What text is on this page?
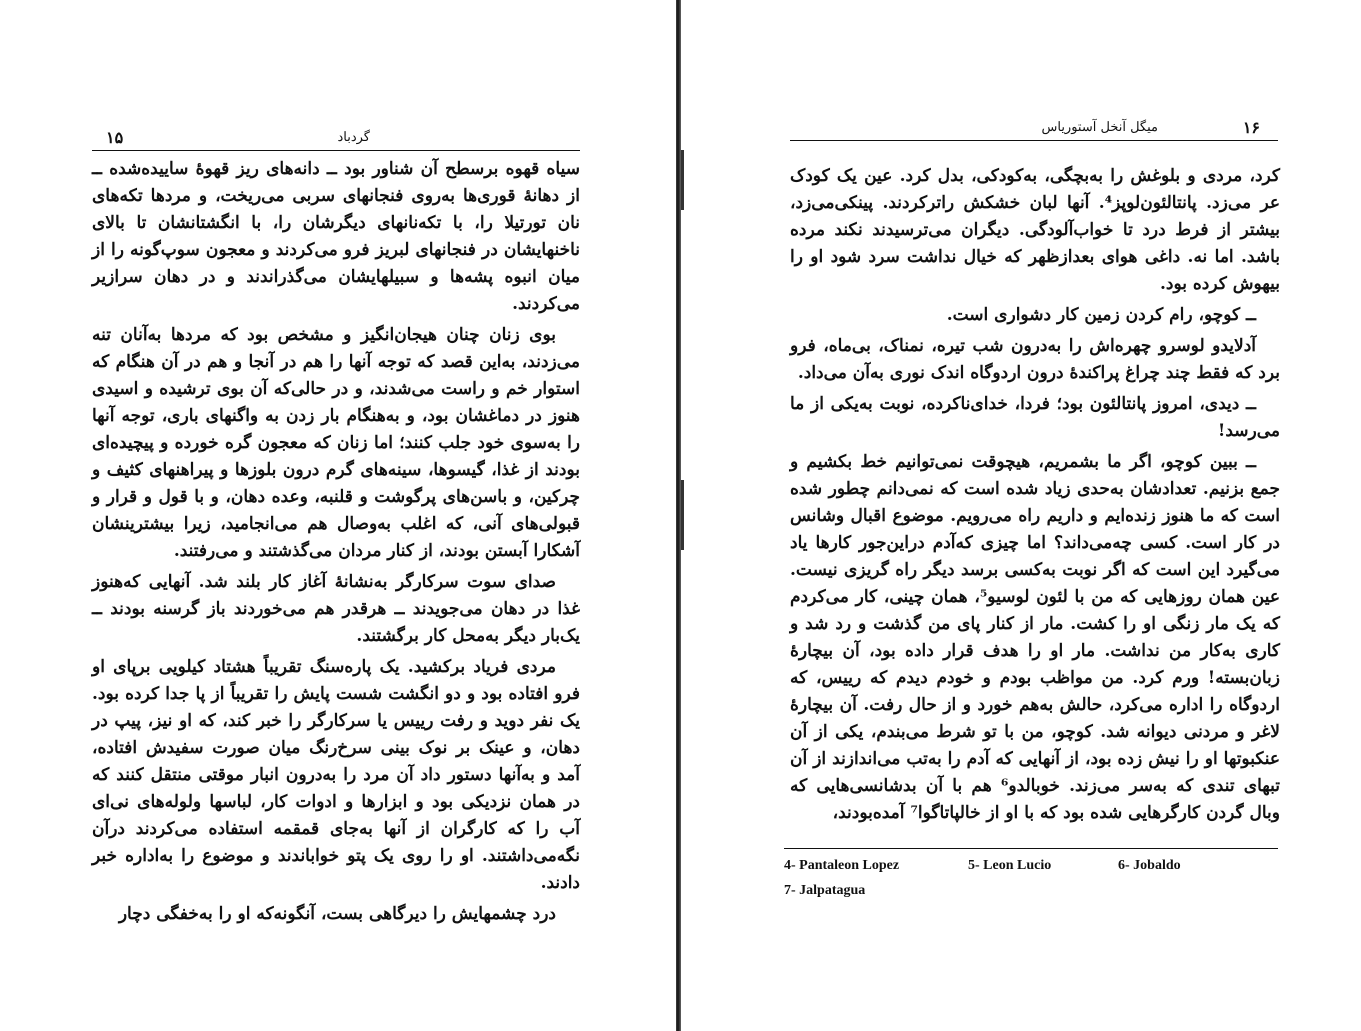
۱۵	گردباد

سیاه قهوه برسطح آن شناور بود ــ دانه‌های ریز قهوهٔ ساییده‌شده ــ از دهانهٔ قوری‌ها به‌روی فنجانهای سربی می‌ریخت، و مردها تکه‌های نان تورتیلا را، با تکه‌نانهای دیگرشان را، با انگشتانشان تا بالای ناخنهایشان در فنجانهای لبریز فرو می‌کردند و معجون سوپ‌گونه را از میان انبوه پشه‌ها و سبیلهایشان می‌گذراندند و در دهان سرازیر می‌کردند.

بوی زنان چنان هیجان‌انگیز و مشخص بود که مردها به‌آنان تنه می‌زدند، به‌این قصد که توجه آنها را هم در آنجا و هم در آن هنگام که استوار خم و راست می‌شدند، و در حالی‌که آن بوی ترشیده و اسیدی هنوز در دماغشان بود، و به‌هنگام بار زدن به واگنهای باری، توجه آنها را به‌سوی خود جلب کنند؛ اما زنان که معجون گره خورده و پیچیده‌ای بودند از غذا، گیسوها، سینه‌های گرم درون بلوزها و پیراهنهای کثیف و چرکین، و باسن‌های پرگوشت و قلنبه، وعده دهان، و با قول و قرار و قبولی‌های آنی، که اغلب به‌وصال هم می‌انجامید، زیرا بیشترینشان آشکارا آبستن بودند، از کنار مردان می‌گذشتند و می‌رفتند.

صدای سوت سرکارگر به‌نشانهٔ آغاز کار بلند شد. آنهایی که‌هنوز غذا در دهان می‌جویدند ــ هرقدر هم می‌خوردند باز گرسنه بودند ــ یک‌بار دیگر به‌محل کار برگشتند.

مردی فریاد برکشید. یک پاره‌سنگ تقریباً هشتاد کیلویی برپای او فرو افتاده بود و دو انگشت شست پایش را تقریباً از پا جدا کرده بود. یک نفر دوید و رفت رییس یا سرکارگر را خبر کند، که او نیز، پیپ در دهان، و عینک بر نوک بینی سرخ‌رنگ میان صورت سفیدش افتاده، آمد و به‌آنها دستور داد آن مرد را به‌درون انبار موقتی منتقل کنند که در همان نزدیکی بود و ابزارها و ادوات کار، لباسها ولوله‌های نی‌ای آب را که کارگران از آنها به‌جای قمقمه استفاده می‌کردند درآن نگه‌می‌داشتند. او را روی یک پتو خواباندند و موضوع را به‌اداره خبر دادند.

درد چشمهایش را دیرگاهی بست، آنگونه‌که او را به‌خفگی دچار

میگل آنخل آستوریاس	۱۶

کرد، مردی و بلوغش را به‌بچگی، به‌کودکی، بدل کرد. عین یک کودک عر می‌زد. پانتالئون‌لوپز⁴. آنها لبان خشکش را‌ترکردند. پینکی‌می‌زد، بیشتر از فرط درد تا خواب‌آلودگی. دیگران می‌ترسیدند نکند مرده باشد. اما نه. داغی هوای بعدازظهر که خیال نداشت سرد شود او را بیهوش کرده بود.

ــ کوچو، رام کردن زمین کار دشواری است.

آدلایدو لوسرو چهره‌اش را به‌درون شب تیره، نمناک، بی‌ماه، فرو برد که فقط چند چراغ پراکندهٔ درون اردوگاه اندک نوری به‌آن می‌داد.

ــ دیدی، امروز پانتالئون بود؛ فردا، خدای‌ناکرده، نوبت به‌یکی از ما می‌رسد!

ــ ببین کوچو، اگر ما بشمریم، هیچوقت نمی‌توانیم خط بکشیم و جمع بزنیم. تعدادشان به‌حدی زیاد شده است که نمی‌دانم چطور شده است که ما هنوز زنده‌ایم و داریم راه می‌رویم. موضوع اقبال وشانس در کار است. کسی چه‌می‌داند؟ اما چیزی که‌آدم دراین‌جور کارها یاد می‌گیرد این است که اگر نوبت به‌کسی برسد دیگر راه گریزی نیست. عین همان روزهایی که من با لئون لوسیو⁵، همان چینی، کار می‌کردم که یک مار زنگی او را کشت. مار از کنار پای من گذشت و رد شد و کاری به‌کار من نداشت. مار او را هدف قرار داده بود، آن بیچارهٔ زبان‌بسته! ورم کرد. من مواظب بودم و خودم دیدم که رییس، که اردوگاه را اداره می‌کرد، حالش به‌هم خورد و از حال رفت. آن بیچارهٔ لاغر و مردنی دیوانه شد. کوچو، من با تو شرط می‌بندم، یکی از آن عنکبوتها او را نیش زده بود، از آنهایی که آدم را به‌تب می‌اندازند از آن تبهای تندی که به‌سر می‌زند. خوبالدو⁶ هم با آن بدشانسی‌هایی که وبال گردن کارگرهایی شده بود که با او از خالپاتاگوا⁷ آمده‌بودند،

4- Pantaleon Lopez	5- Leon Lucio	6- Jobaldo
7- Jalpatagua
